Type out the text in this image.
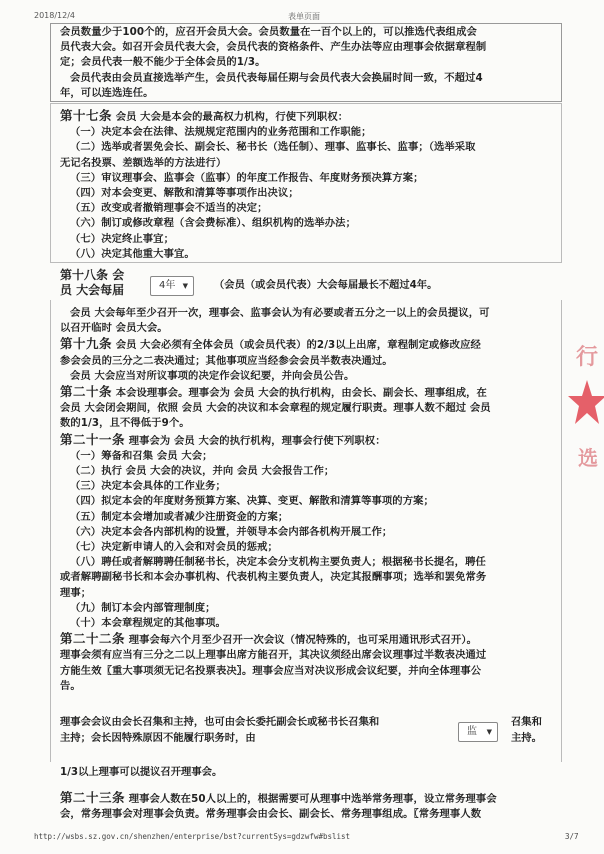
2018/12/4	表单页面
http://wsbs.sz.gov.cn/shenzhen/enterprise/bst?currentSys=gdzwfw#bslist	3/7

会员数量少于100个的，应召开会员大会。会员数量在一百个以上的，可以推选代表组成会

员代表大会。如召开会员代表大会，会员代表的资格条件、产生办法等应由理事会依据章程制

定；会员代表一般不能少于全体会员的1/3。

会员代表由会员直接选举产生，会员代表每届任期与会员代表大会换届时间一致，不超过4

年，可以连选连任。

第十七条 会员 大会是本会的最高权力机构，行使下列职权：

（一）决定本会在法律、法规规定范围内的业务范围和工作职能；

（二）选举或者罢免会长、副会长、秘书长（选任制）、理事、监事长、监事；（选举采取

无记名投票、差额选举的方法进行）

（三）审议理事会、监事会（监事）的年度工作报告、年度财务预决算方案；

（四）对本会变更、解散和清算等事项作出决议；

（五）改变或者撤销理事会不适当的决定；

（六）制订或修改章程（含会费标准）、组织机构的选举办法；

（七）决定终止事宜；

（八）决定其他重大事宜。

第十八条 会
员 大会每届	4年 ▼	（会员（或会员代表）大会每届最长不超过4年。

会员 大会每年至少召开一次，理事会、监事会认为有必要或者五分之一以上的会员提议，可

以召开临时 会员大会。

第十九条 会员 大会必须有全体会员（或会员代表）的2/3以上出席，章程制定或修改应经

参会会员的三分之二表决通过；其他事项应当经参会会员半数表决通过。

会员 大会应当对所议事项的决定作会议纪要，并向会员公告。

第二十条 本会设理事会。理事会为 会员 大会的执行机构，由会长、副会长、理事组成，在

会员 大会闭会期间，依照 会员 大会的决议和本会章程的规定履行职责。理事人数不超过 会员

数的1/3，且不得低于9个。

第二十一条 理事会为 会员 大会的执行机构，理事会行使下列职权：

（一）筹备和召集 会员 大会；

（二）执行 会员 大会的决议，并向 会员 大会报告工作；

（三）决定本会具体的工作业务；

（四）拟定本会的年度财务预算方案、决算、变更、解散和清算等事项的方案；

（五）制定本会增加或者减少注册资金的方案；

（六）决定本会各内部机构的设置，并领导本会内部各机构开展工作；

（七）决定新申请人的入会和对会员的惩戒；

（八）聘任或者解聘聘任制秘书长，决定本会分支机构主要负责人；根据秘书长提名，聘任

或者解聘副秘书长和本会办事机构、代表机构主要负责人，决定其报酬事项；选举和罢免常务

理事；

（九）制订本会内部管理制度；

（十）本会章程规定的其他事项。

第二十二条 理事会每六个月至少召开一次会议（情况特殊的，也可采用通讯形式召开）。

理事会须有应当有三分之二以上理事出席方能召开，其决议须经出席会议理事过半数表决通过

方能生效〖重大事项须无记名投票表决〗。理事会应当对决议形成会议纪要，并向全体理事公

告。

理事会会议由会长召集和主持，也可由会长委托副会长或秘书长召集和
主持；会长因特殊原因不能履行职务时，由	监 ▼
召集和
主持。
1/3以上理事可以提议召开理事会。

第二十三条 理事会人数在50人以上的，根据需要可从理事中选举常务理事，设立常务理事会

会，常务理事会对理事会负责。常务理事会由会长、副会长、常务理事组成。〖常务理事人数

行
选
